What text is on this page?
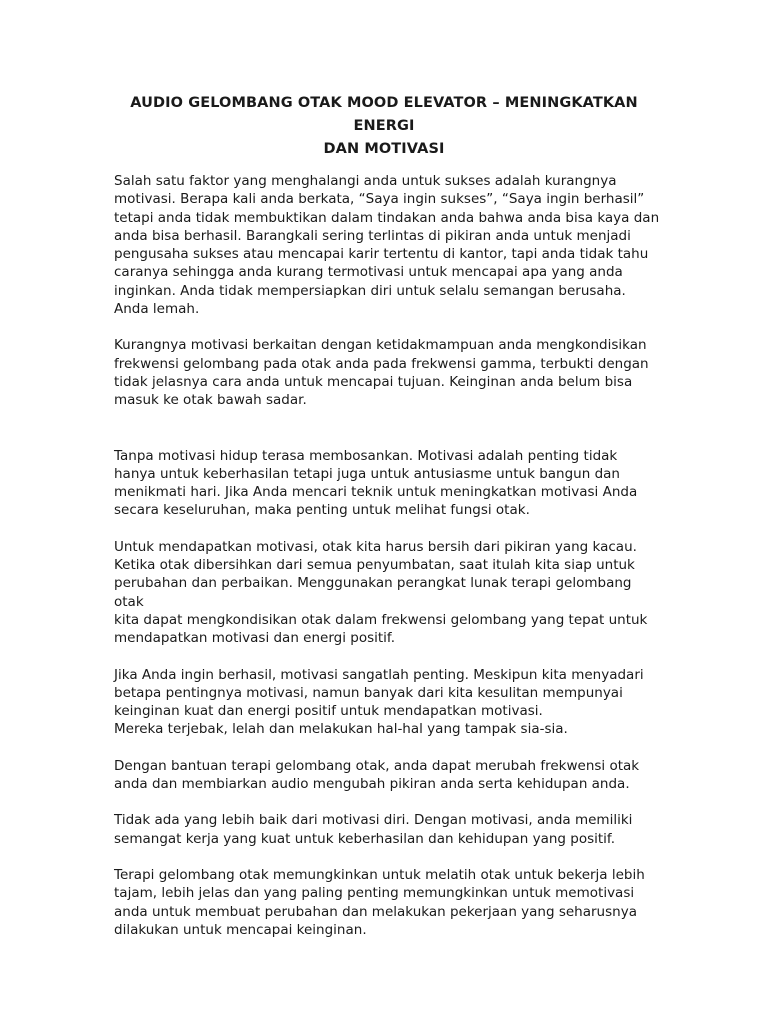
AUDIO GELOMBANG OTAK MOOD ELEVATOR – MENINGKATKAN ENERGI
DAN MOTIVASI

Salah satu faktor yang menghalangi anda untuk sukses adalah kurangnya
motivasi. Berapa kali anda berkata, “Saya ingin sukses”, “Saya ingin berhasil”
tetapi anda tidak membuktikan dalam tindakan anda bahwa anda bisa kaya dan
anda bisa berhasil. Barangkali sering terlintas di pikiran anda untuk menjadi
pengusaha sukses atau mencapai karir tertentu di kantor, tapi anda tidak tahu
caranya sehingga anda kurang termotivasi untuk mencapai apa yang anda
inginkan. Anda tidak mempersiapkan diri untuk selalu semangan berusaha.
Anda lemah.

Kurangnya motivasi berkaitan dengan ketidakmampuan anda mengkondisikan
frekwensi gelombang pada otak anda pada frekwensi gamma, terbukti dengan
tidak jelasnya cara anda untuk mencapai tujuan. Keinginan anda belum bisa
masuk ke otak bawah sadar.

Tanpa motivasi hidup terasa membosankan. Motivasi adalah penting tidak
hanya untuk keberhasilan tetapi juga untuk antusiasme untuk bangun dan
menikmati hari. Jika Anda mencari teknik untuk meningkatkan motivasi Anda
secara keseluruhan, maka penting untuk melihat fungsi otak.

Untuk mendapatkan motivasi, otak kita harus bersih dari pikiran yang kacau.
Ketika otak dibersihkan dari semua penyumbatan, saat itulah kita siap untuk
perubahan dan perbaikan. Menggunakan perangkat lunak terapi gelombang otak
kita dapat mengkondisikan otak dalam frekwensi gelombang yang tepat untuk
mendapatkan motivasi dan energi positif.

Jika Anda ingin berhasil, motivasi sangatlah penting. Meskipun kita menyadari
betapa pentingnya motivasi, namun banyak dari kita kesulitan mempunyai
keinginan kuat dan energi positif untuk mendapatkan motivasi.
Mereka terjebak, lelah dan melakukan hal-hal yang tampak sia-sia.

Dengan bantuan terapi gelombang otak, anda dapat merubah frekwensi otak
anda dan membiarkan audio mengubah pikiran anda serta kehidupan anda.

Tidak ada yang lebih baik dari motivasi diri. Dengan motivasi, anda memiliki
semangat kerja yang kuat untuk keberhasilan dan kehidupan yang positif.

Terapi gelombang otak memungkinkan untuk melatih otak untuk bekerja lebih
tajam, lebih jelas dan yang paling penting memungkinkan untuk memotivasi
anda untuk membuat perubahan dan melakukan pekerjaan yang seharusnya
dilakukan untuk mencapai keinginan.
